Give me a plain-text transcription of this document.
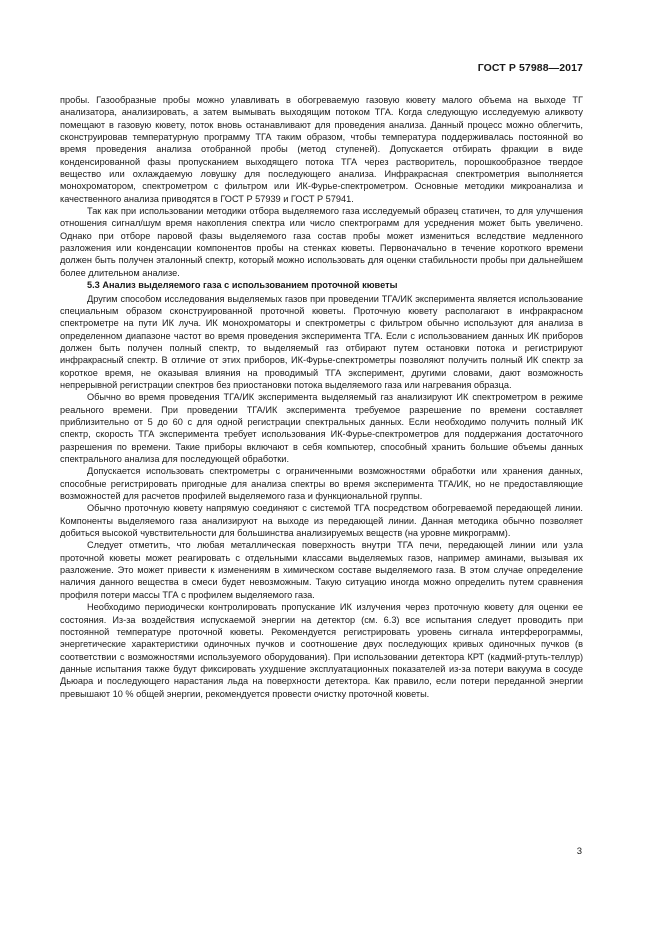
ГОСТ Р 57988—2017

пробы. Газообразные пробы можно улавливать в обогреваемую газовую кювету малого объема на выходе ТГ анализатора, анализировать, а затем вымывать выходящим потоком ТГА. Когда следующую исследуемую аликвоту помещают в газовую кювету, поток вновь останавливают для проведения анализа. Данный процесс можно облегчить, сконструировав температурную программу ТГА таким образом, чтобы температура поддерживалась постоянной во время проведения анализа отобранной пробы (метод ступеней). Допускается отбирать фракции в виде конденсированной фазы пропусканием выходящего потока ТГА через растворитель, порошкообразное твердое вещество или охлаждаемую ловушку для последующего анализа. Инфракрасная спектрометрия выполняется монохроматором, спектрометром с фильтром или ИК-Фурье-спектрометром. Основные методики микроанализа и качественного анализа приводятся в ГОСТ Р 57939 и ГОСТ Р 57941.

Так как при использовании методики отбора выделяемого газа исследуемый образец статичен, то для улучшения отношения сигнал/шум время накопления спектра или число спектрограмм для усреднения может быть увеличено. Однако при отборе паровой фазы выделяемого газа состав пробы может измениться вследствие медленного разложения или конденсации компонентов пробы на стенках кюветы. Первоначально в течение короткого времени должен быть получен эталонный спектр, который можно использовать для оценки стабильности пробы при дальнейшем более длительном анализе.

5.3 Анализ выделяемого газа с использованием проточной кюветы

Другим способом исследования выделяемых газов при проведении ТГА/ИК эксперимента является использование специальным образом сконструированной проточной кюветы. Проточную кювету располагают в инфракрасном спектрометре на пути ИК луча. ИК монохроматоры и спектрометры с фильтром обычно используют для анализа в определенном диапазоне частот во время проведения эксперимента ТГА. Если с использованием данных ИК приборов должен быть получен полный спектр, то выделяемый газ отбирают путем остановки потока и регистрируют инфракрасный спектр. В отличие от этих приборов, ИК-Фурье-спектрометры позволяют получить полный ИК спектр за короткое время, не оказывая влияния на проводимый ТГА эксперимент, другими словами, дают возможность непрерывной регистрации спектров без приостановки потока выделяемого газа или нагревания образца.

Обычно во время проведения ТГА/ИК эксперимента выделяемый газ анализируют ИК спектрометром в режиме реального времени. При проведении ТГА/ИК эксперимента требуемое разрешение по времени составляет приблизительно от 5 до 60 с для одной регистрации спектральных данных. Если необходимо получить полный ИК спектр, скорость ТГА эксперимента требует использования ИК-Фурье-спектрометров для поддержания достаточного разрешения по времени. Такие приборы включают в себя компьютер, способный хранить большие объемы данных спектрального анализа для последующей обработки.

Допускается использовать спектрометры с ограниченными возможностями обработки или хранения данных, способные регистрировать пригодные для анализа спектры во время эксперимента ТГА/ИК, но не предоставляющие возможностей для расчетов профилей выделяемого газа и функциональной группы.

Обычно проточную кювету напрямую соединяют с системой ТГА посредством обогреваемой передающей линии. Компоненты выделяемого газа анализируют на выходе из передающей линии. Данная методика обычно позволяет добиться высокой чувствительности для большинства анализируемых веществ (на уровне микрограмм).

Следует отметить, что любая металлическая поверхность внутри ТГА печи, передающей линии или узла проточной кюветы может реагировать с отдельными классами выделяемых газов, например аминами, вызывая их разложение. Это может привести к изменениям в химическом составе выделяемого газа. В этом случае определение наличия данного вещества в смеси будет невозможным. Такую ситуацию иногда можно определить путем сравнения профиля потери массы ТГА с профилем выделяемого газа.

Необходимо периодически контролировать пропускание ИК излучения через проточную кювету для оценки ее состояния. Из-за воздействия испускаемой энергии на детектор (см. 6.3) все испытания следует проводить при постоянной температуре проточной кюветы. Рекомендуется регистрировать уровень сигнала интерферограммы, энергетические характеристики одиночных пучков и соотношение двух последующих кривых одиночных пучков (в соответствии с возможностями используемого оборудования). При использовании детектора КРТ (кадмий-ртуть-теллур) данные испытания также будут фиксировать ухудшение эксплуатационных показателей из-за потери вакуума в сосуде Дьюара и последующего нарастания льда на поверхности детектора. Как правило, если потери переданной энергии превышают 10 % общей энергии, рекомендуется провести очистку проточной кюветы.

3
